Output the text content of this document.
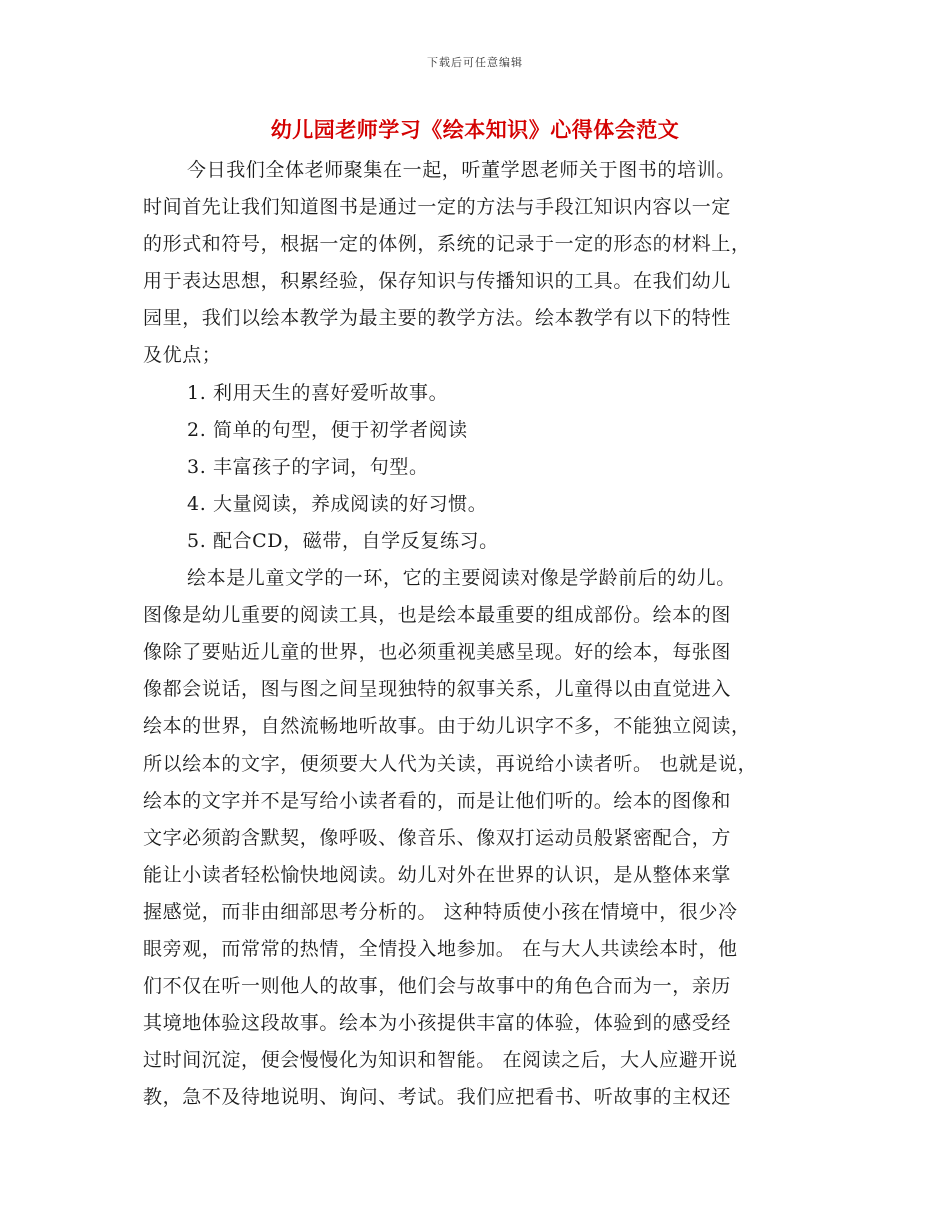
下载后可任意编辑
幼儿园老师学习《绘本知识》心得体会范文
今日我们全体老师聚集在一起，听董学恩老师关于图书的培训。
时间首先让我们知道图书是通过一定的方法与手段江知识内容以一定
的形式和符号，根据一定的体例，系统的记录于一定的形态的材料上，
用于表达思想，积累经验，保存知识与传播知识的工具。在我们幼儿
园里，我们以绘本教学为最主要的教学方法。绘本教学有以下的特性
及优点；
1. 利用天生的喜好爱听故事。
2. 简单的句型，便于初学者阅读
3. 丰富孩子的字词，句型。
4. 大量阅读，养成阅读的好习惯。
5. 配合CD，磁带，自学反复练习。
绘本是儿童文学的一环，它的主要阅读对像是学龄前后的幼儿。
图像是幼儿重要的阅读工具，也是绘本最重要的组成部份。绘本的图
像除了要贴近儿童的世界，也必须重视美感呈现。好的绘本，每张图
像都会说话，图与图之间呈现独特的叙事关系，儿童得以由直觉进入
绘本的世界，自然流畅地听故事。由于幼儿识字不多，不能独立阅读，
所以绘本的文字，便须要大人代为关读，再说给小读者听。 也就是说，
绘本的文字并不是写给小读者看的，而是让他们听的。绘本的图像和
文字必须韵含默契，像呼吸、像音乐、像双打运动员般紧密配合，方
能让小读者轻松愉快地阅读。幼儿对外在世界的认识，是从整体来掌
握感觉，而非由细部思考分析的。 这种特质使小孩在情境中，很少冷
眼旁观，而常常的热情，全情投入地参加。 在与大人共读绘本时，他
们不仅在听一则他人的故事，他们会与故事中的角色合而为一，亲历
其境地体验这段故事。绘本为小孩提供丰富的体验，体验到的感受经
过时间沉淀，便会慢慢化为知识和智能。 在阅读之后，大人应避开说
教，急不及待地说明、询问、考试。我们应把看书、听故事的主权还
